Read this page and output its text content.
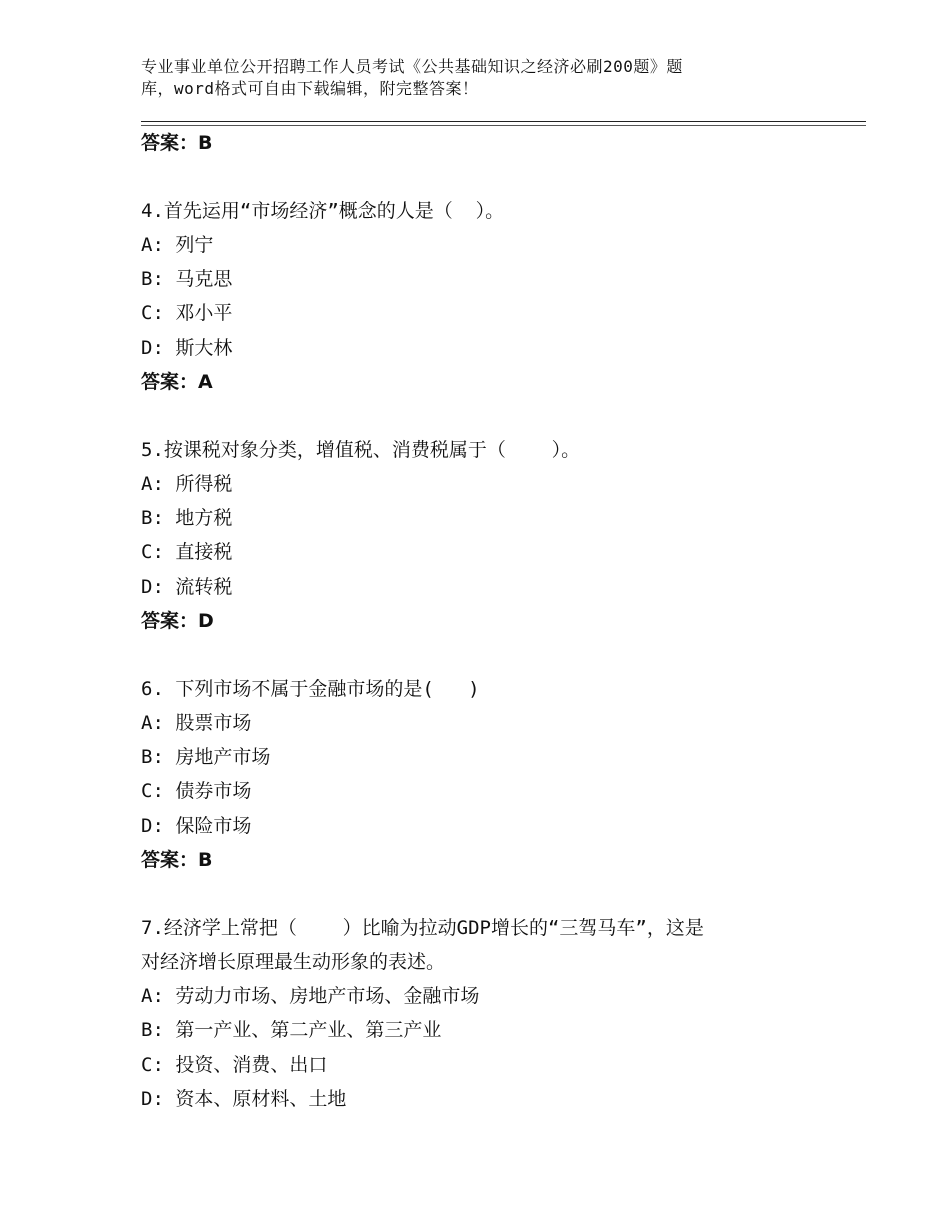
专业事业单位公开招聘工作人员考试《公共基础知识之经济必刷200题》题
库，word格式可自由下载编辑，附完整答案！
答案：B
4.首先运用“市场经济”概念的人是（  ）。
A: 列宁
B: 马克思
C: 邓小平
D: 斯大林
答案：A
5.按课税对象分类，增值税、消费税属于（    ）。
A: 所得税
B: 地方税
C: 直接税
D: 流转税
答案：D
6. 下列市场不属于金融市场的是(   )
A: 股票市场
B: 房地产市场
C: 债券市场
D: 保险市场
答案：B
7.经济学上常把（    ）比喻为拉动GDP增长的“三驾马车”，这是
对经济增长原理最生动形象的表述。
A: 劳动力市场、房地产市场、金融市场
B: 第一产业、第二产业、第三产业
C: 投资、消费、出口
D: 资本、原材料、土地
